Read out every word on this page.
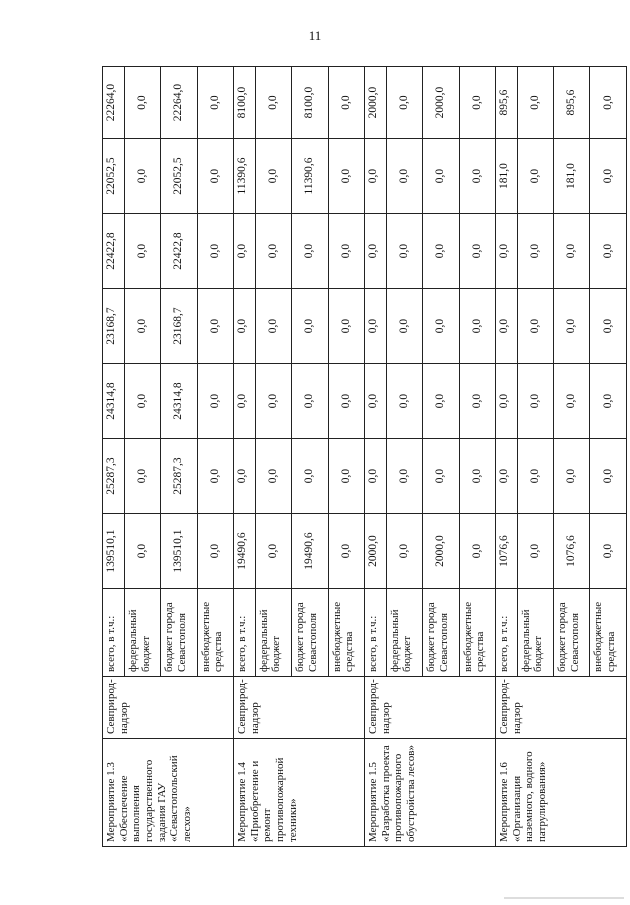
11
Мероприятие 1.3 «Обеспечение выполнения государственного задания ГАУ «Севастопольский лесхоз»	Севприрод-надзор	всего, в т.ч.:	139510,1	25287,3	24314,8	23168,7	22422,8	22052,5	22264,0
		федеральный бюджет	0,0	0,0	0,0	0,0	0,0	0,0	0,0
		бюджет города Севастополя	139510,1	25287,3	24314,8	23168,7	22422,8	22052,5	22264,0
		внебюджетные средства	0,0	0,0	0,0	0,0	0,0	0,0	0,0
Мероприятие 1.4 «Приобретение и ремонт противопожарной техники»	Севприрод-надзор	всего, в т.ч.:	19490,6	0,0	0,0	0,0	0,0	11390,6	8100,0
		федеральный бюджет	0,0	0,0	0,0	0,0	0,0	0,0	0,0
		бюджет города Севастополя	19490,6	0,0	0,0	0,0	0,0	11390,6	8100,0
		внебюджетные средства	0,0	0,0	0,0	0,0	0,0	0,0	0,0
Мероприятие 1.5 «Разработка проекта противопожарного обустройства лесов»	Севприрод-надзор	всего, в т.ч.:	2000,0	0,0	0,0	0,0	0,0	0,0	2000,0
		федеральный бюджет	0,0	0,0	0,0	0,0	0,0	0,0	0,0
		бюджет города Севастополя	2000,0	0,0	0,0	0,0	0,0	0,0	2000,0
		внебюджетные средства	0,0	0,0	0,0	0,0	0,0	0,0	0,0
Мероприятие 1.6 «Организация наземного, водного патрулирования»	Севприрод-надзор	всего, в т.ч.:	1076,6	0,0	0,0	0,0	0,0	181,0	895,6
		федеральный бюджет	0,0	0,0	0,0	0,0	0,0	0,0	0,0
		бюджет города Севастополя	1076,6	0,0	0,0	0,0	0,0	181,0	895,6
		внебюджетные средства	0,0	0,0	0,0	0,0	0,0	0,0	0,0
